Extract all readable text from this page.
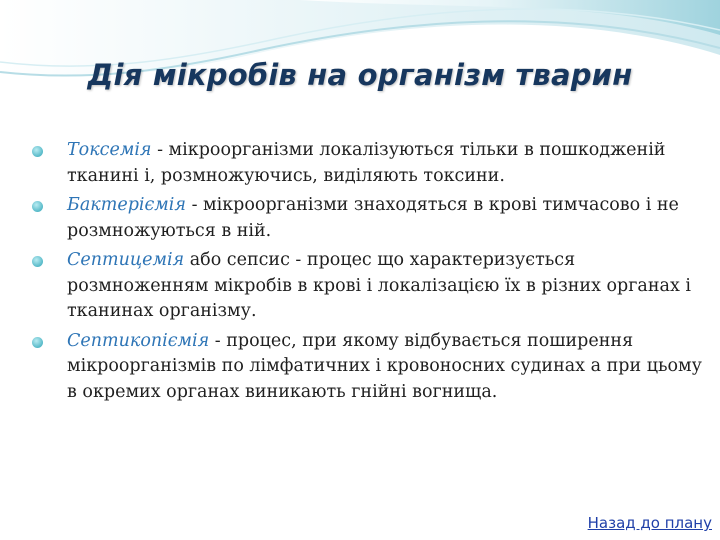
Дія мікробів на організм тварин
Токсемія - мікроорганізми локалізуються тільки в пошкодженій тканині і, розмножуючись, виділяють токсини.
Бактеріємія - мікроорганізми знаходяться в крові тимчасово і не розмножуються в ній.
Септицемія або сепсис - процес що характеризується розмноженням мікробів в крові і локалізацією їх в різних органах і тканинах організму.
Септикопіємія - процес, при якому відбувається поширення мікроорганізмів по лімфатичних і кровоносних судинах а при цьому в окремих органах виникають гнійні вогнища.
Назад до плану
